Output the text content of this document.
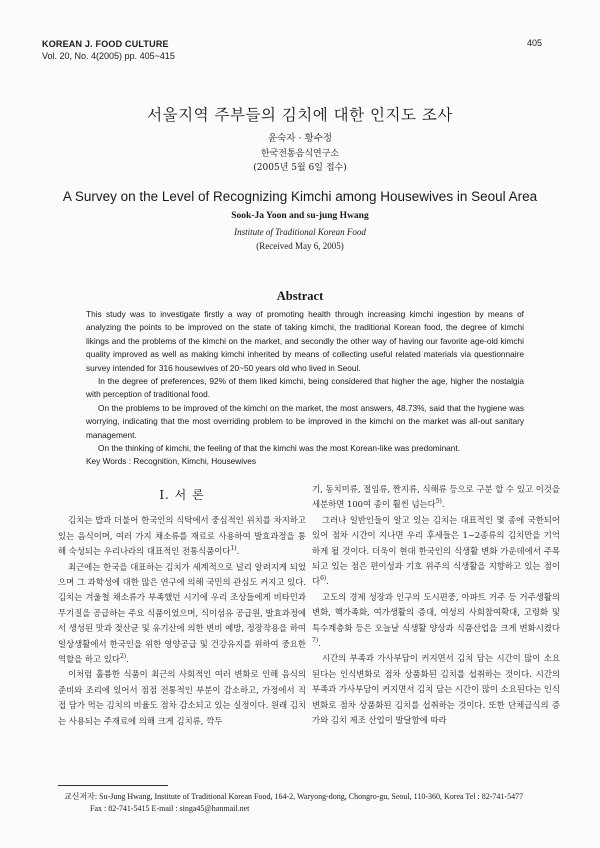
KOREAN J. FOOD CULTURE
Vol. 20, No. 4(2005) pp. 405~415
405
서울지역 주부들의 김치에 대한 인지도 조사
윤숙자 · 황수정
한국전통음식연구소
(2005년 5월 6일 접수)
A Survey on the Level of Recognizing Kimchi among Housewives in Seoul Area
Sook-Ja Yoon and su-jung Hwang
Institute of Traditional Korean Food
(Received May 6, 2005)
Abstract

This study was to investigate firstly a way of promoting health through increasing kimchi ingestion by means of analyzing the points to be improved on the state of taking kimchi, the traditional Korean food, the degree of kimchi likings and the problems of the kimchi on the market, and secondly the other way of having our favorite age-old kimchi quality improved as well as making kimchi inherited by means of collecting useful related materials via questionnaire survey intended for 316 housewives of 20~50 years old who lived in Seoul.

In the degree of preferences, 92% of them liked kimchi, being considered that higher the age, higher the nostalgia with perception of traditional food.

On the problems to be improved of the kimchi on the market, the most answers, 48.73%, said that the hygiene was worrying, indicating that the most overriding problem to be improved in the kimchi on the market was all-out sanitary management.

On the thinking of kimchi, the feeling of that the kimchi was the most Korean-like was predominant.

Key Words : Recognition, Kimchi, Housewives

Ⅰ. 서 론

김치는 밥과 더불어 한국인의 식탁에서 중심적인 위치를 차지하고 있는 음식이며, 여러 가지 채소류를 재료로 사용하여 발효과정을 통해 숙성되는 우리나라의 대표적인 전통식품이다$^{1)}$.

최근에는 한국을 대표하는 김치가 세계적으로 널리 알려지게 되었으며 그 과학성에 대한 많은 연구에 의해 국민의 관심도 커지고 있다. 김치는 겨울철 채소류가 부족했던 시기에 우리 조상들에게 비타민과 무기질을 공급하는 주요 식품이었으며, 식이섬유 공급원, 발효과정에서 생성된 맛과 젖산균 및 유기산에 의한 변비 예방, 정장작용을 하여 일상생활에서 한국인을 위한 영양공급 및 건강유지를 위하여 중요한 역할을 하고 있다$^{2)}$.

이처럼 훌륭한 식품이 최근의 사회적인 여러 변화로 인해 음식의 준비와 조리에 있어서 점점 전통적인 부분이 감소하고, 가정에서 직접 담가 먹는 김치의 비율도 점차 감소되고 있는 실정이다. 원래 김치는 사용되는 주재료에 의해 크게 김치류, 깍두

기, 동치미류, 절임류, 짠지류, 식해류 등으로 구분 할 수 있고 이것을 세분하면 100여 종이 훨씬 넘는다$^{5)}$.

그러나 일반인들이 알고 있는 김치는 대표적인 몇 종에 국한되어 있어 점차 시간이 지나면 우리 후세들은 1~2종류의 김치만을 기억하게 될 것이다. 더욱이 현대 한국인의 식생활 변화 가운데에서 주목되고 있는 점은 편이성과 기호 위주의 식생활을 지향하고 있는 점이다$^{6)}$.

고도의 경제 성장과 인구의 도시편중, 아파트 거주 등 거주생활의 변화, 핵가족화, 여가생활의 증대, 여성의 사회참여확대, 고령화 및 특수계층화 등은 오늘날 식생활 양상과 식품산업을 크게 변화시켰다$^{7)}$.

시간의 부족과 가사부담이 커지면서 김치 담는 시간이 많이 소요된다는 인식변화로 점차 상품화된 김치를 섭취하는 것이다. 시간의 부족과 가사부담이 커지면서 김치 담는 시간이 많이 소요된다는 인식변화로 점차 상품화된 김치를 섭취하는 것이다. 또한 단체급식의 증가와 김치 제조 산업이 발달함에 따라

교신저자: Su-Jung Hwang, Institute of Traditional Korean Food, 164-2, Waryong-dong, Chongro-gu, Seoul, 110-360, Korea Tel : 82-741-5477
Fax : 82-741-5415 E-mail : singa45@hanmail.net
